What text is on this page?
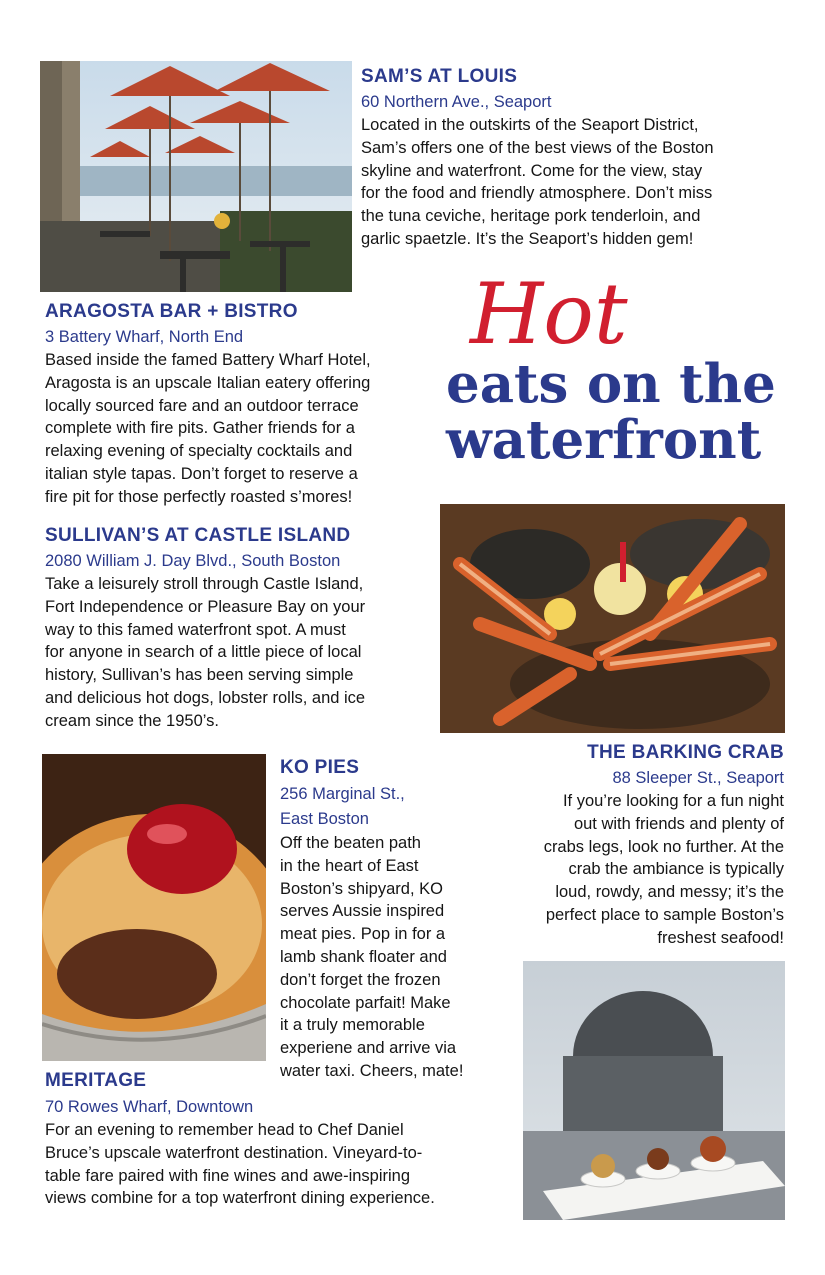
SAM’S AT LOUIS
60 Northern Ave., Seaport
Located in the outskirts of the Seaport District,
Sam’s offers one of the best views of the Boston
skyline and waterfront. Come for the view, stay
for the food and friendly atmosphere. Don’t miss
the tuna ceviche, heritage pork tenderloin, and
garlic spaetzle. It’s the Seaport’s hidden gem!
Hot
eats on the
waterfront
ARAGOSTA BAR + BISTRO
3 Battery Wharf, North End
Based inside the famed Battery Wharf Hotel,
Aragosta is an upscale Italian eatery offering
locally sourced fare and an outdoor terrace
complete with fire pits. Gather friends for a
relaxing evening of specialty cocktails and
italian style tapas. Don’t forget to reserve a
fire pit for those perfectly roasted s’mores!
SULLIVAN’S AT CASTLE ISLAND
2080 William J. Day Blvd., South Boston
Take a leisurely stroll through Castle Island,
Fort Independence or Pleasure Bay on your
way to this famed waterfront spot. A must
for anyone in search of a little piece of local
history, Sullivan’s has been serving simple
and delicious hot dogs, lobster rolls, and ice
cream since the 1950’s.
THE BARKING CRAB
88 Sleeper St., Seaport
If you’re looking for a fun night
out with friends and plenty of
crabs legs, look no further. At the
crab the ambiance is typically
loud, rowdy, and messy; it’s the
perfect place to sample Boston’s
freshest seafood!
KO PIES
256 Marginal St.,
East Boston
Off the beaten path
in the heart of East
Boston’s shipyard, KO
serves Aussie inspired
meat pies. Pop in for a
lamb shank floater and
don’t forget the frozen
chocolate parfait! Make
it a truly memorable
experiene and arrive via
water taxi. Cheers, mate!
MERITAGE
70 Rowes Wharf, Downtown
For an evening to remember head to Chef Daniel
Bruce’s upscale waterfront destination. Vineyard-to-
table fare paired with fine wines and awe-inspiring
views combine for a top waterfront dining experience.
